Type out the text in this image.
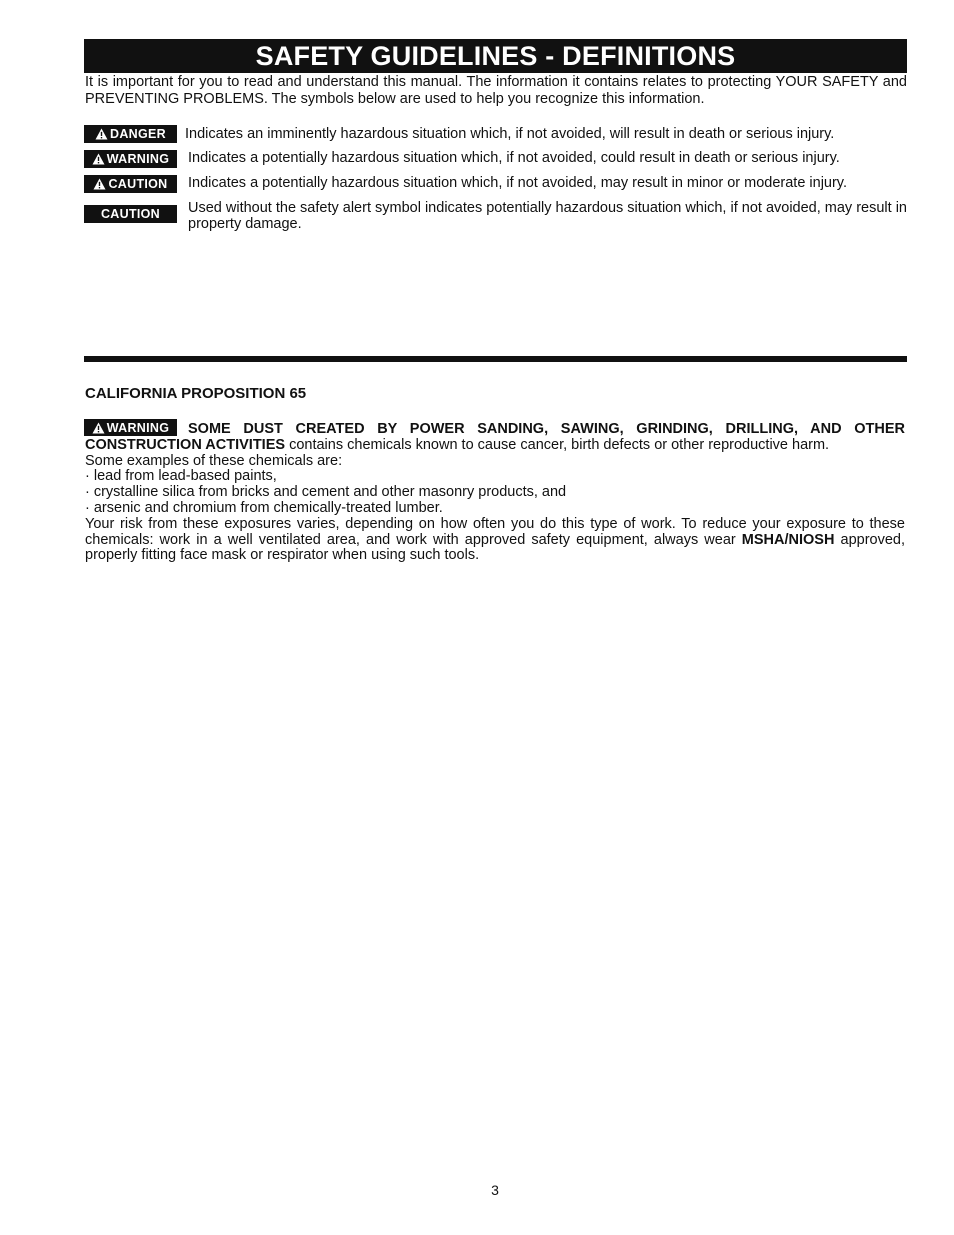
SAFETY GUIDELINES - DEFINITIONS

It is important for you to read and understand this manual. The information it contains relates to protecting YOUR SAFETY and PREVENTING PROBLEMS. The symbols below are used to help you recognize this information.

DANGER Indicates an imminently hazardous situation which, if not avoided, will result in death or serious injury.
WARNING Indicates a potentially hazardous situation which, if not avoided, could result in death or serious injury.
CAUTION Indicates a potentially hazardous situation which, if not avoided, may result in minor or moderate injury.
CAUTION Used without the safety alert symbol indicates potentially hazardous situation which, if not avoided, may result in property damage.
CALIFORNIA PROPOSITION 65
WARNING	SOME DUST CREATED BY POWER SANDING, SAWING, GRINDING, DRILLING, AND OTHER CONSTRUCTION ACTIVITIES contains chemicals known to cause cancer, birth defects or other reproductive harm.
Some examples of these chemicals are:
· lead from lead-based paints,
· crystalline silica from bricks and cement and other masonry products, and
· arsenic and chromium from chemically-treated lumber.
Your risk from these exposures varies, depending on how often you do this type of work. To reduce your exposure to these chemicals: work in a well ventilated area, and work with approved safety equipment, always wear MSHA/NIOSH approved, properly fitting face mask or respirator when using such tools.
3
